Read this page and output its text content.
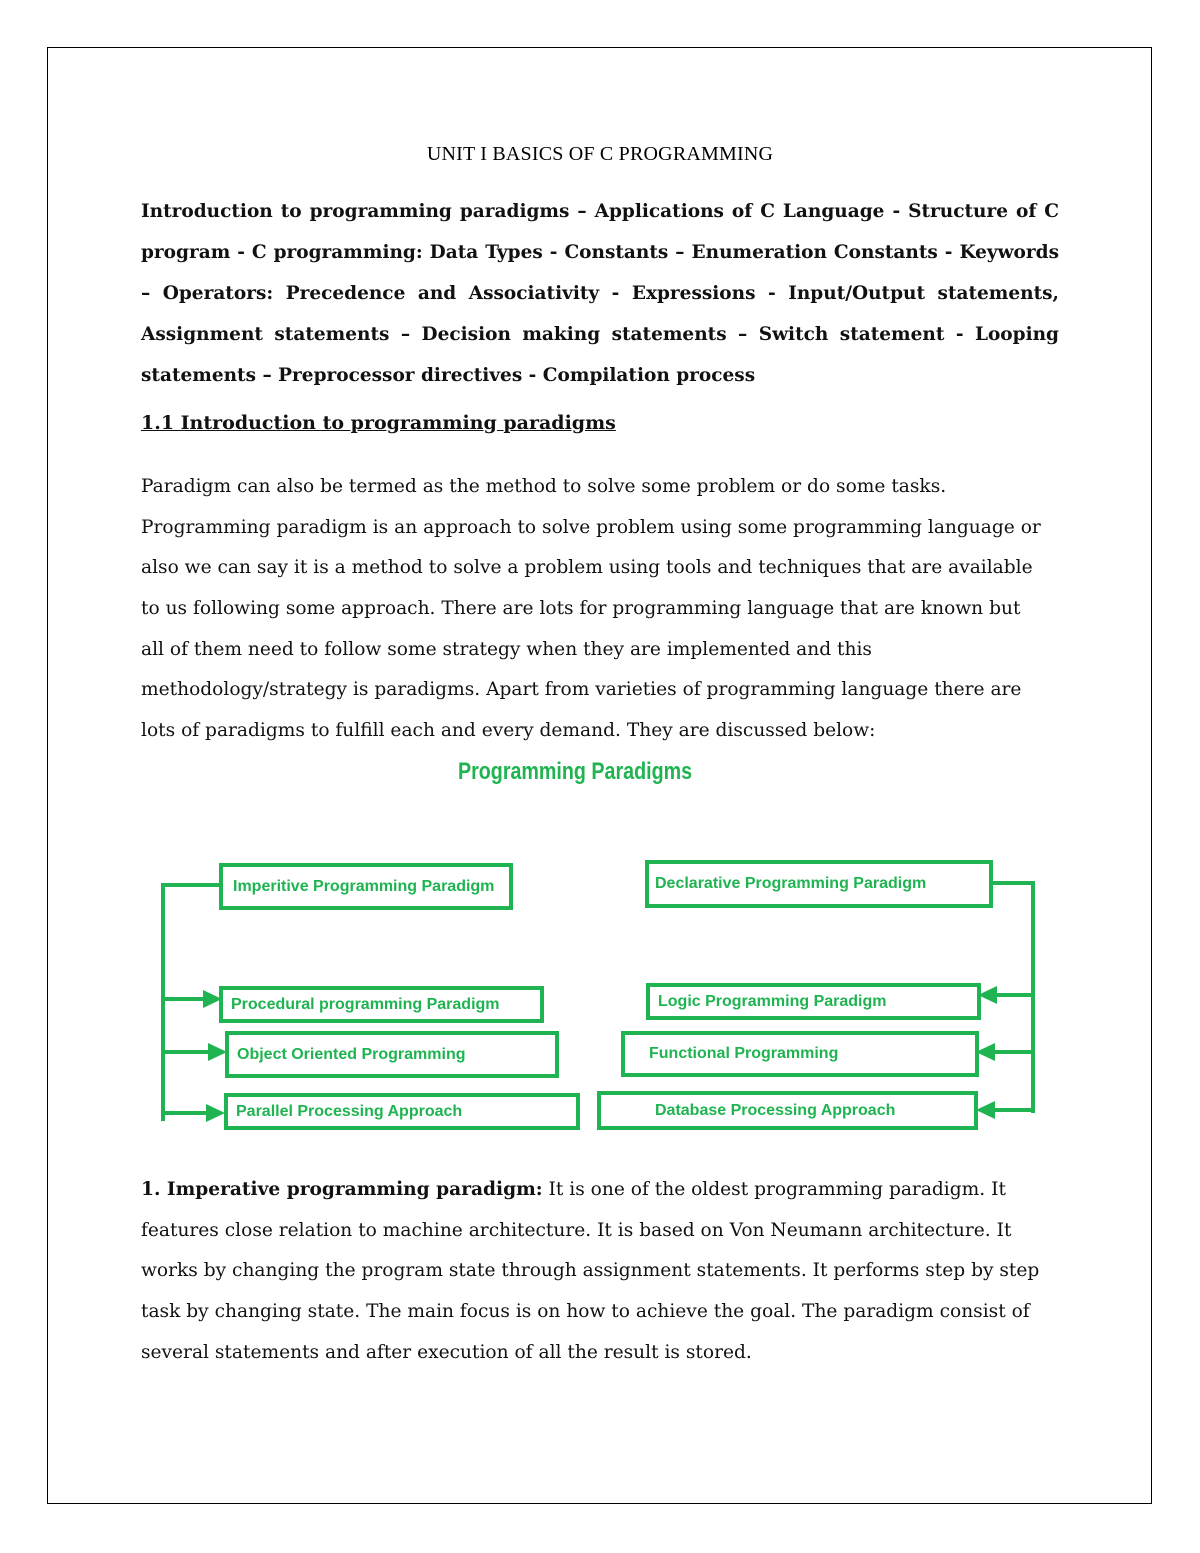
UNIT I BASICS OF C PROGRAMMING
Introduction to programming paradigms – Applications of C Language - Structure of C program - C programming: Data Types - Constants – Enumeration Constants - Keywords – Operators: Precedence and Associativity - Expressions - Input/Output statements, Assignment statements – Decision making statements – Switch statement - Looping statements – Preprocessor directives - Compilation process
1.1 Introduction to programming paradigms
Paradigm can also be termed as the method to solve some problem or do some tasks.
Programming paradigm is an approach to solve problem using some programming language or
also we can say it is a method to solve a problem using tools and techniques that are available
to us following some approach. There are lots for programming language that are known but
all of them need to follow some strategy when they are implemented and this
methodology/strategy is paradigms. Apart from varieties of programming language there are
lots of paradigms to fulfill each and every demand. They are discussed below:
Programming Paradigms
Imperitive Programming Paradigm	Declarative Programming Paradigm
Procedural programming Paradigm
Object Oriented Programming
Parallel Processing Approach
Logic Programming Paradigm
Functional Programming
Database Processing Approach
1. Imperative programming paradigm: It is one of the oldest programming paradigm. It
features close relation to machine architecture. It is based on Von Neumann architecture. It
works by changing the program state through assignment statements. It performs step by step
task by changing state. The main focus is on how to achieve the goal. The paradigm consist of
several statements and after execution of all the result is stored.
